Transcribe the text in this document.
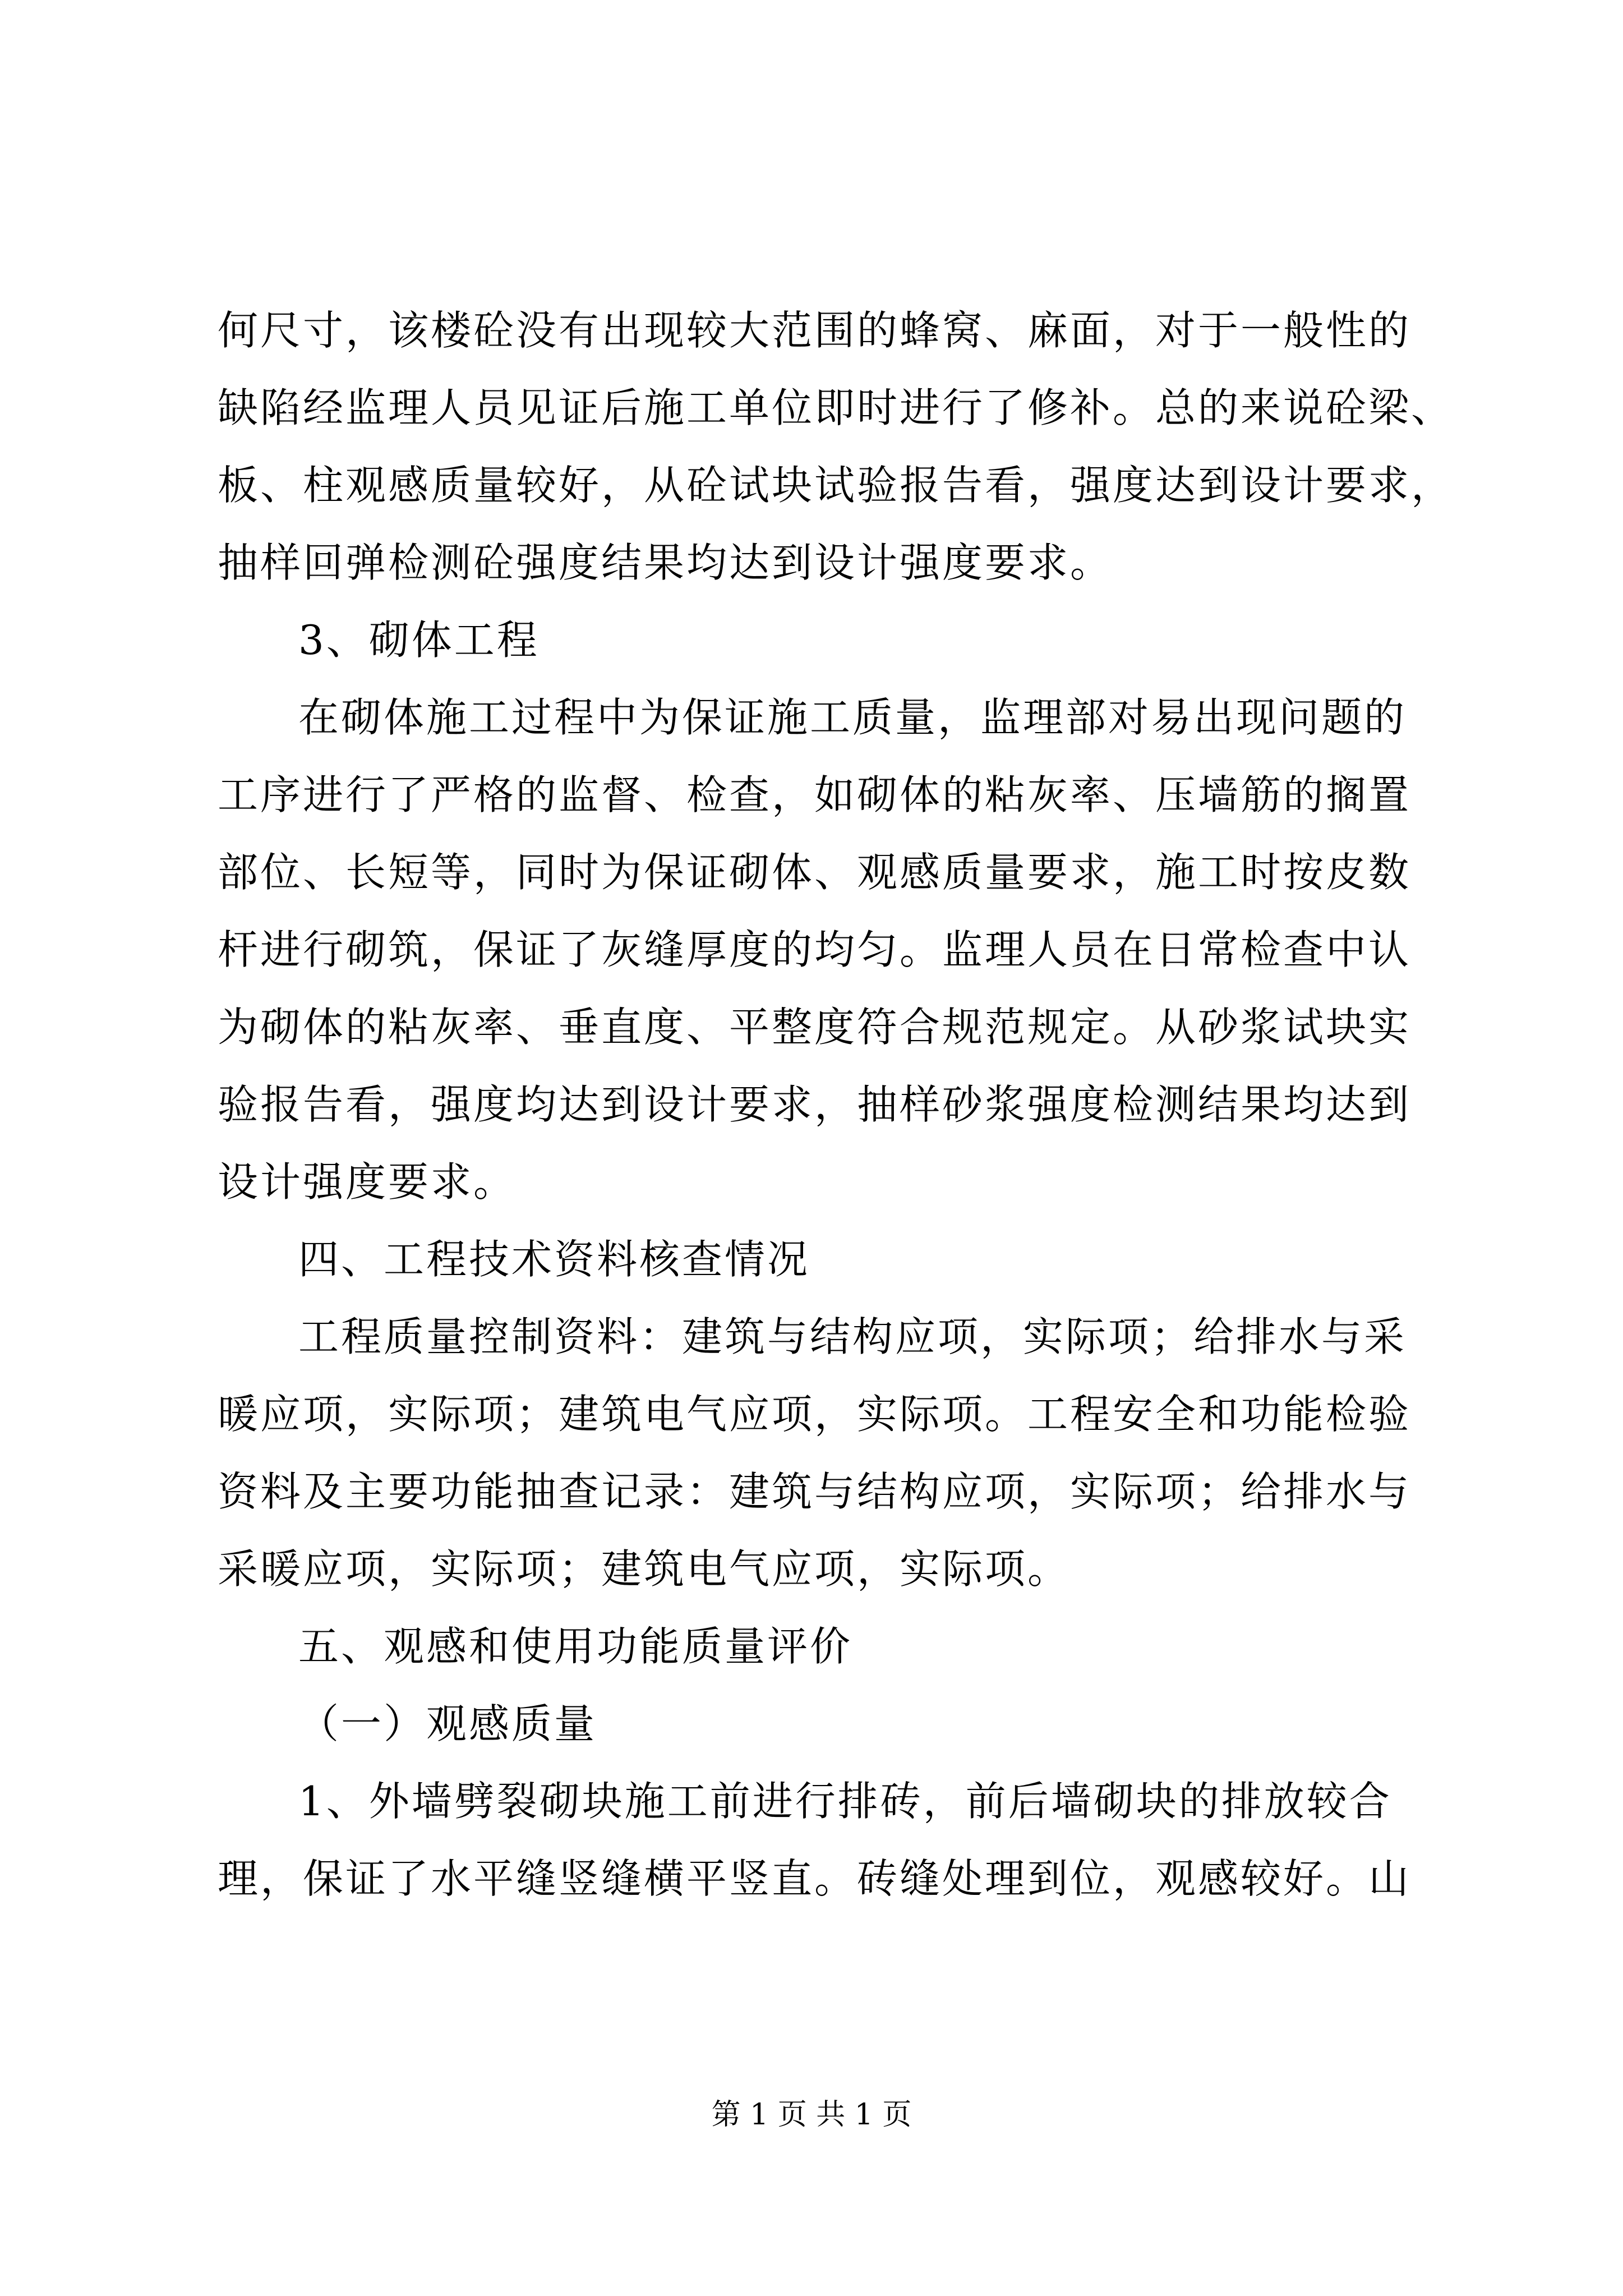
何尺寸，该楼砼没有出现较大范围的蜂窝、麻面，对于一般性的
缺陷经监理人员见证后施工单位即时进行了修补。总的来说砼梁、
板、柱观感质量较好，从砼试块试验报告看，强度达到设计要求，
抽样回弹检测砼强度结果均达到设计强度要求。
3、砌体工程
在砌体施工过程中为保证施工质量，监理部对易出现问题的
工序进行了严格的监督、检查，如砌体的粘灰率、压墙筋的搁置
部位、长短等，同时为保证砌体、观感质量要求，施工时按皮数
杆进行砌筑，保证了灰缝厚度的均匀。监理人员在日常检查中认
为砌体的粘灰率、垂直度、平整度符合规范规定。从砂浆试块实
验报告看，强度均达到设计要求，抽样砂浆强度检测结果均达到
设计强度要求。
四、工程技术资料核查情况
工程质量控制资料：建筑与结构应项，实际项；给排水与采
暖应项，实际项；建筑电气应项，实际项。工程安全和功能检验
资料及主要功能抽查记录：建筑与结构应项，实际项；给排水与
采暖应项，实际项；建筑电气应项，实际项。
五、观感和使用功能质量评价
（一）观感质量
1、外墙劈裂砌块施工前进行排砖，前后墙砌块的排放较合
理，保证了水平缝竖缝横平竖直。砖缝处理到位，观感较好。山
第 1 页 共 1 页
